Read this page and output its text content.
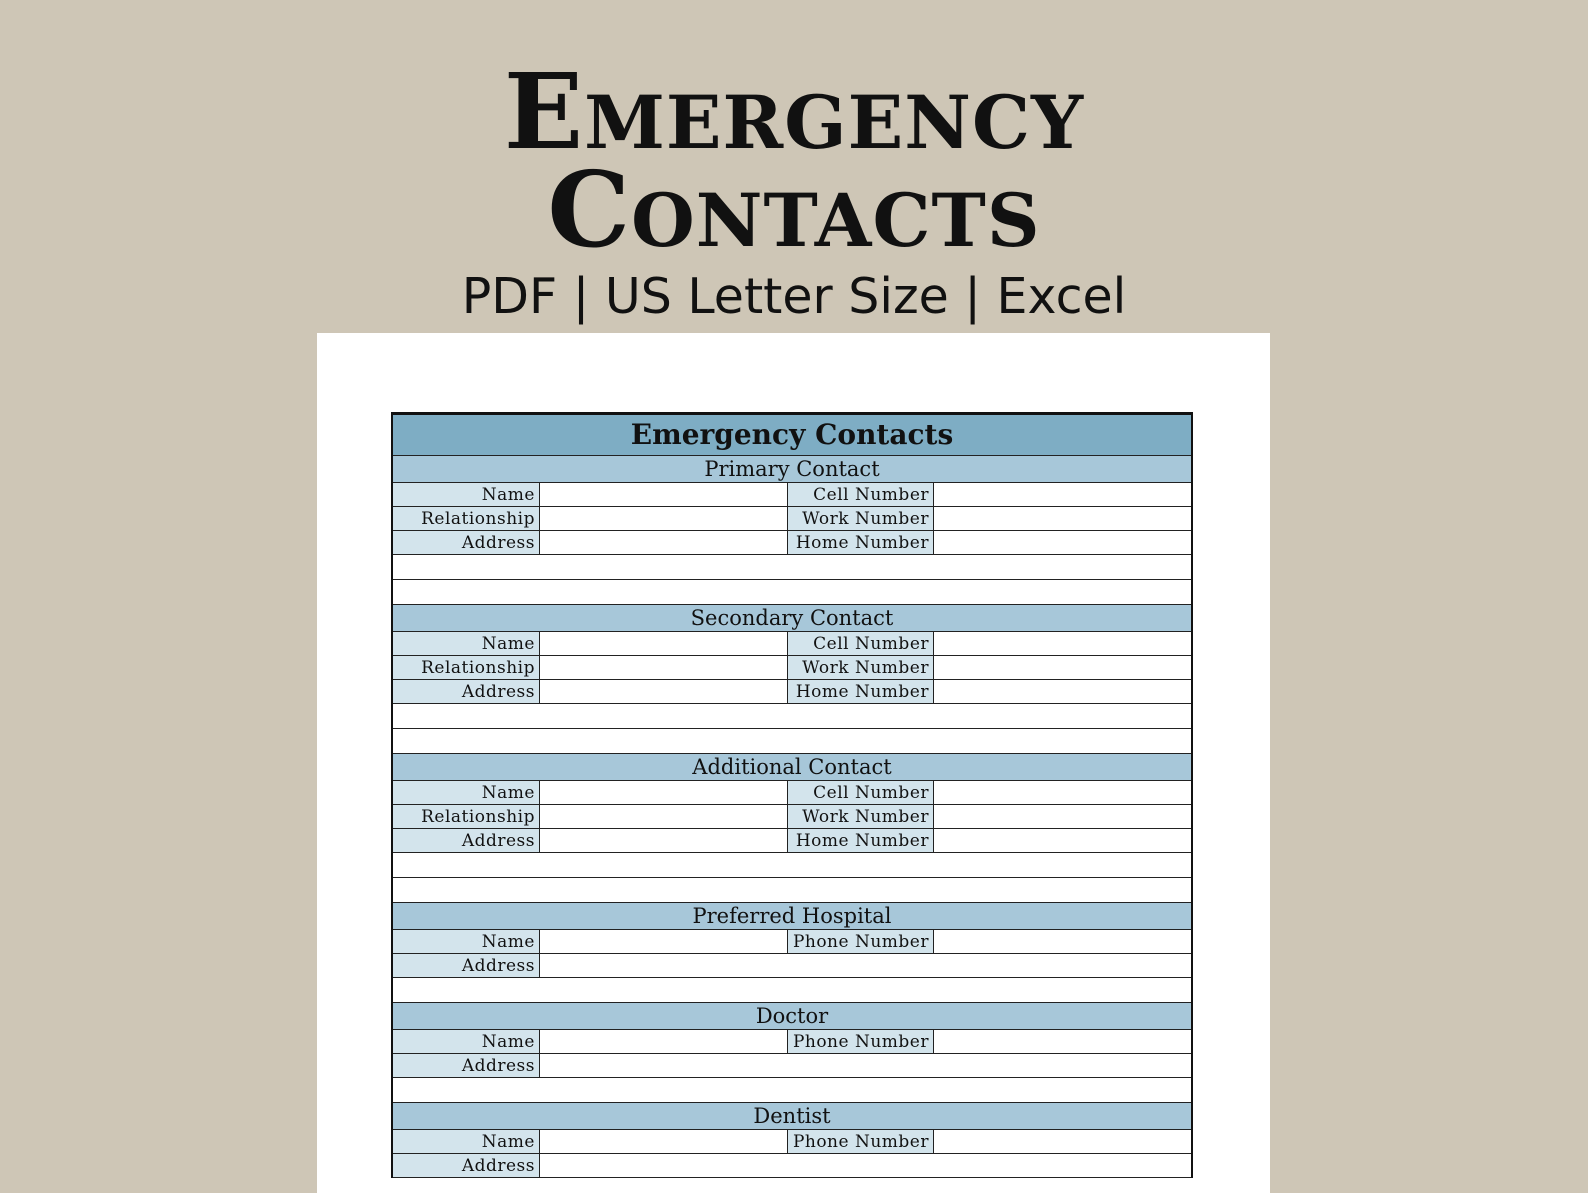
Emergency
Contacts
PDF | US Letter Size | Excel
Emergency Contacts
Primary Contact
Name	Cell Number
Relationship	Work Number
Address	Home Number
Secondary Contact
Name	Cell Number
Relationship	Work Number
Address	Home Number
Additional Contact
Name	Cell Number
Relationship	Work Number
Address	Home Number
Preferred Hospital
Name	Phone Number
Address
Doctor
Name	Phone Number
Address
Dentist
Name	Phone Number
Address
